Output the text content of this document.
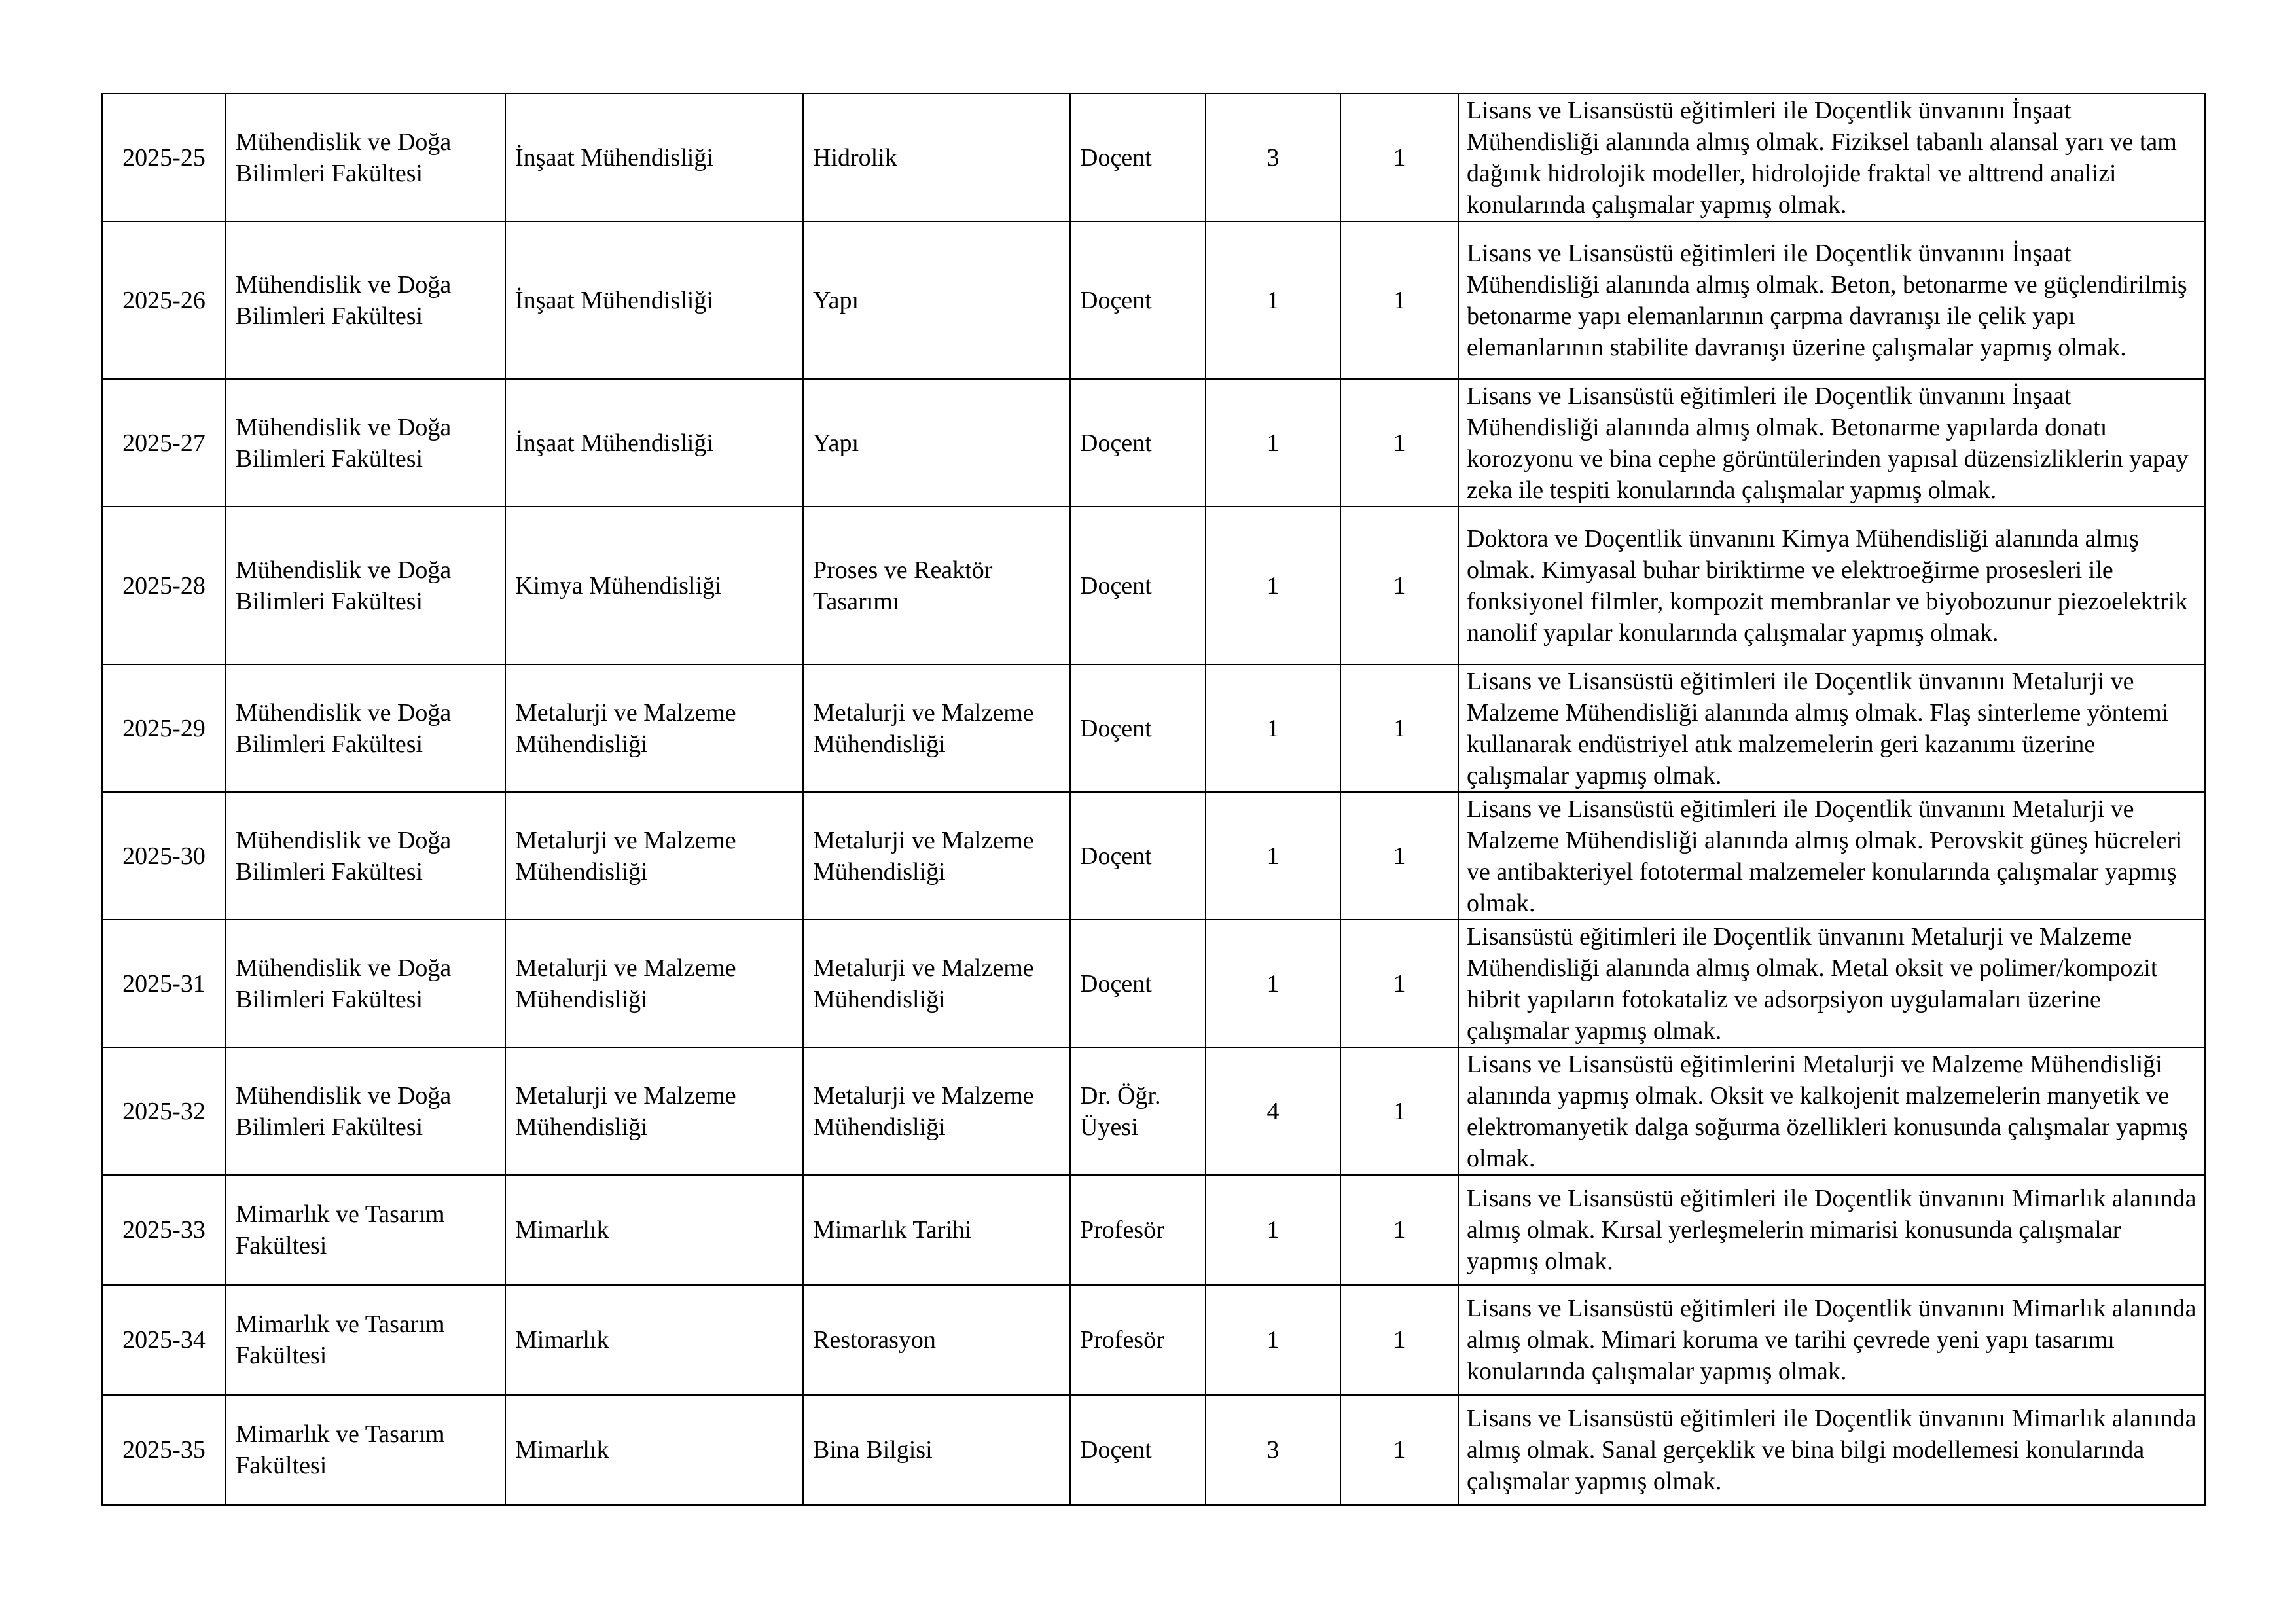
2025-25	Mühendislik ve Doğa Bilimleri Fakültesi	İnşaat Mühendisliği	Hidrolik	Doçent	3	1	Lisans ve Lisansüstü eğitimleri ile Doçentlik ünvanını İnşaat Mühendisliği alanında almış olmak. Fiziksel tabanlı alansal yarı ve tam dağınık hidrolojik modeller, hidrolojide fraktal ve alttrend analizi konularında çalışmalar yapmış olmak.
2025-26	Mühendislik ve Doğa Bilimleri Fakültesi	İnşaat Mühendisliği	Yapı	Doçent	1	1	Lisans ve Lisansüstü eğitimleri ile Doçentlik ünvanını İnşaat Mühendisliği alanında almış olmak. Beton, betonarme ve güçlendirilmiş betonarme yapı elemanlarının çarpma davranışı ile çelik yapı elemanlarının stabilite davranışı üzerine çalışmalar yapmış olmak.
2025-27	Mühendislik ve Doğa Bilimleri Fakültesi	İnşaat Mühendisliği	Yapı	Doçent	1	1	Lisans ve Lisansüstü eğitimleri ile Doçentlik ünvanını İnşaat Mühendisliği alanında almış olmak. Betonarme yapılarda donatı korozyonu ve bina cephe görüntülerinden yapısal düzensizliklerin yapay zeka ile tespiti konularında çalışmalar yapmış olmak.
2025-28	Mühendislik ve Doğa Bilimleri Fakültesi	Kimya Mühendisliği	Proses ve Reaktör Tasarımı	Doçent	1	1	Doktora ve Doçentlik ünvanını Kimya Mühendisliği alanında almış olmak. Kimyasal buhar biriktirme ve elektroeğirme prosesleri ile fonksiyonel filmler, kompozit membranlar ve biyobozunur piezoelektrik nanolif yapılar konularında çalışmalar yapmış olmak.
2025-29	Mühendislik ve Doğa Bilimleri Fakültesi	Metalurji ve Malzeme Mühendisliği	Metalurji ve Malzeme Mühendisliği	Doçent	1	1	Lisans ve Lisansüstü eğitimleri ile Doçentlik ünvanını Metalurji ve Malzeme Mühendisliği alanında almış olmak. Flaş sinterleme yöntemi kullanarak endüstriyel atık malzemelerin geri kazanımı üzerine çalışmalar yapmış olmak.
2025-30	Mühendislik ve Doğa Bilimleri Fakültesi	Metalurji ve Malzeme Mühendisliği	Metalurji ve Malzeme Mühendisliği	Doçent	1	1	Lisans ve Lisansüstü eğitimleri ile Doçentlik ünvanını Metalurji ve Malzeme Mühendisliği alanında almış olmak. Perovskit güneş hücreleri ve antibakteriyel fototermal malzemeler konularında çalışmalar yapmış olmak.
2025-31	Mühendislik ve Doğa Bilimleri Fakültesi	Metalurji ve Malzeme Mühendisliği	Metalurji ve Malzeme Mühendisliği	Doçent	1	1	Lisansüstü eğitimleri ile Doçentlik ünvanını Metalurji ve Malzeme Mühendisliği alanında almış olmak. Metal oksit ve polimer/kompozit hibrit yapıların fotokataliz ve adsorpsiyon uygulamaları üzerine çalışmalar yapmış olmak.
2025-32	Mühendislik ve Doğa Bilimleri Fakültesi	Metalurji ve Malzeme Mühendisliği	Metalurji ve Malzeme Mühendisliği	Dr. Öğr. Üyesi	4	1	Lisans ve Lisansüstü eğitimlerini Metalurji ve Malzeme Mühendisliği alanında yapmış olmak. Oksit ve kalkojenit malzemelerin manyetik ve elektromanyetik dalga soğurma özellikleri konusunda çalışmalar yapmış olmak.
2025-33	Mimarlık ve Tasarım Fakültesi	Mimarlık	Mimarlık Tarihi	Profesör	1	1	Lisans ve Lisansüstü eğitimleri ile Doçentlik ünvanını Mimarlık alanında almış olmak. Kırsal yerleşmelerin mimarisi konusunda çalışmalar yapmış olmak.
2025-34	Mimarlık ve Tasarım Fakültesi	Mimarlık	Restorasyon	Profesör	1	1	Lisans ve Lisansüstü eğitimleri ile Doçentlik ünvanını Mimarlık alanında almış olmak. Mimari koruma ve tarihi çevrede yeni yapı tasarımı konularında çalışmalar yapmış olmak.
2025-35	Mimarlık ve Tasarım Fakültesi	Mimarlık	Bina Bilgisi	Doçent	3	1	Lisans ve Lisansüstü eğitimleri ile Doçentlik ünvanını Mimarlık alanında almış olmak. Sanal gerçeklik ve bina bilgi modellemesi konularında çalışmalar yapmış olmak.
